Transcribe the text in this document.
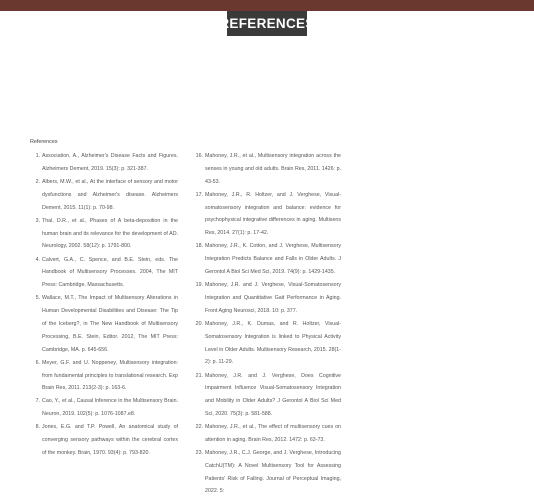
REFERENCES
References
1. Association, A., Alzheimer's Disease Facts and Figures. Alzheimers Dement, 2019. 15(3): p. 321-387.
2. Albers, M.W., et al., At the interface of sensory and motor dysfunctions and Alzheimer's disease. Alzheimers Dement, 2015. 11(1): p. 70-98.
3. Thal, D.R., et al., Phases of A beta-deposition in the human brain and its relevance for the development of AD. Neurology, 2002. 58(12): p. 1791-800.
4. Calvert, G.A., C. Spence, and B.E. Stein, eds. The Handbook of Multisensory Processes. 2004, The MIT Press: Cambridge, Massachusetts.
5. Wallace, M.T., The Impact of Multisensory Alterations in Human Developmental Disabilities and Disease: The Tip of the Iceberg?, in The New Handbook of Multisensory Processing, B.E. Stein, Editor. 2012, The MIT Press: Cambridge, MA. p. 645-656.
6. Meyer, G.F. and U. Noppeney, Multisensory integration: from fundamental principles to translational research. Exp Brain Res, 2011. 213(2-3): p. 163-6.
7. Cao, Y., et al., Causal Inference in the Multisensory Brain. Neuron, 2019. 102(5): p. 1076-1087.e8.
8. Jones, E.G. and T.P. Powell, An anatomical study of converging sensory pathways within the cerebral cortex of the monkey. Brain, 1970. 93(4): p. 793-820.
16. Mahoney, J.R., et al., Multisensory integration across the senses in young and old adults. Brain Res, 2011. 1426: p. 43-53.
17. Mahoney, J.R., R. Holtzer, and J. Verghese, Visual-somatosensory integration and balance: evidence for psychophysical integrative differences in aging. Multisens Res, 2014. 27(1): p. 17-42.
18. Mahoney, J.R., K. Cotton, and J. Verghese, Multisensory Integration Predicts Balance and Falls in Older Adults. J Gerontol A Biol Sci Med Sci, 2019. 74(9): p. 1429-1435.
19. Mahoney, J.R. and J. Verghese, Visual-Somatosensory Integration and Quantitative Gait Performance in Aging. Front Aging Neurosci, 2018. 10: p. 377.
20. Mahoney, J.R., K. Dumas, and R. Holtzer, Visual-Somatosensory Integration is linked to Physical Activity Level in Older Adults. Multisensory Research, 2015. 28(1-2): p. 11-29.
21. Mahoney, J.R. and J. Verghese, Does Cognitive Impairment Influence Visual-Somatosensory Integration and Mobility in Older Adults? J Gerontol A Biol Sci Med Sci, 2020. 75(3): p. 581-588.
22. Mahoney, J.R., et al., The effect of multisensory cues on attention in aging. Brain Res, 2012. 1472: p. 63-73.
23. Mahoney, J.R., C.J. George, and J. Verghese, Introducing CatchU(TM): A Novel Multisensory Tool for Assessing Patients' Risk of Falling. Journal of Perceptual Imaging, 2022. 5:
